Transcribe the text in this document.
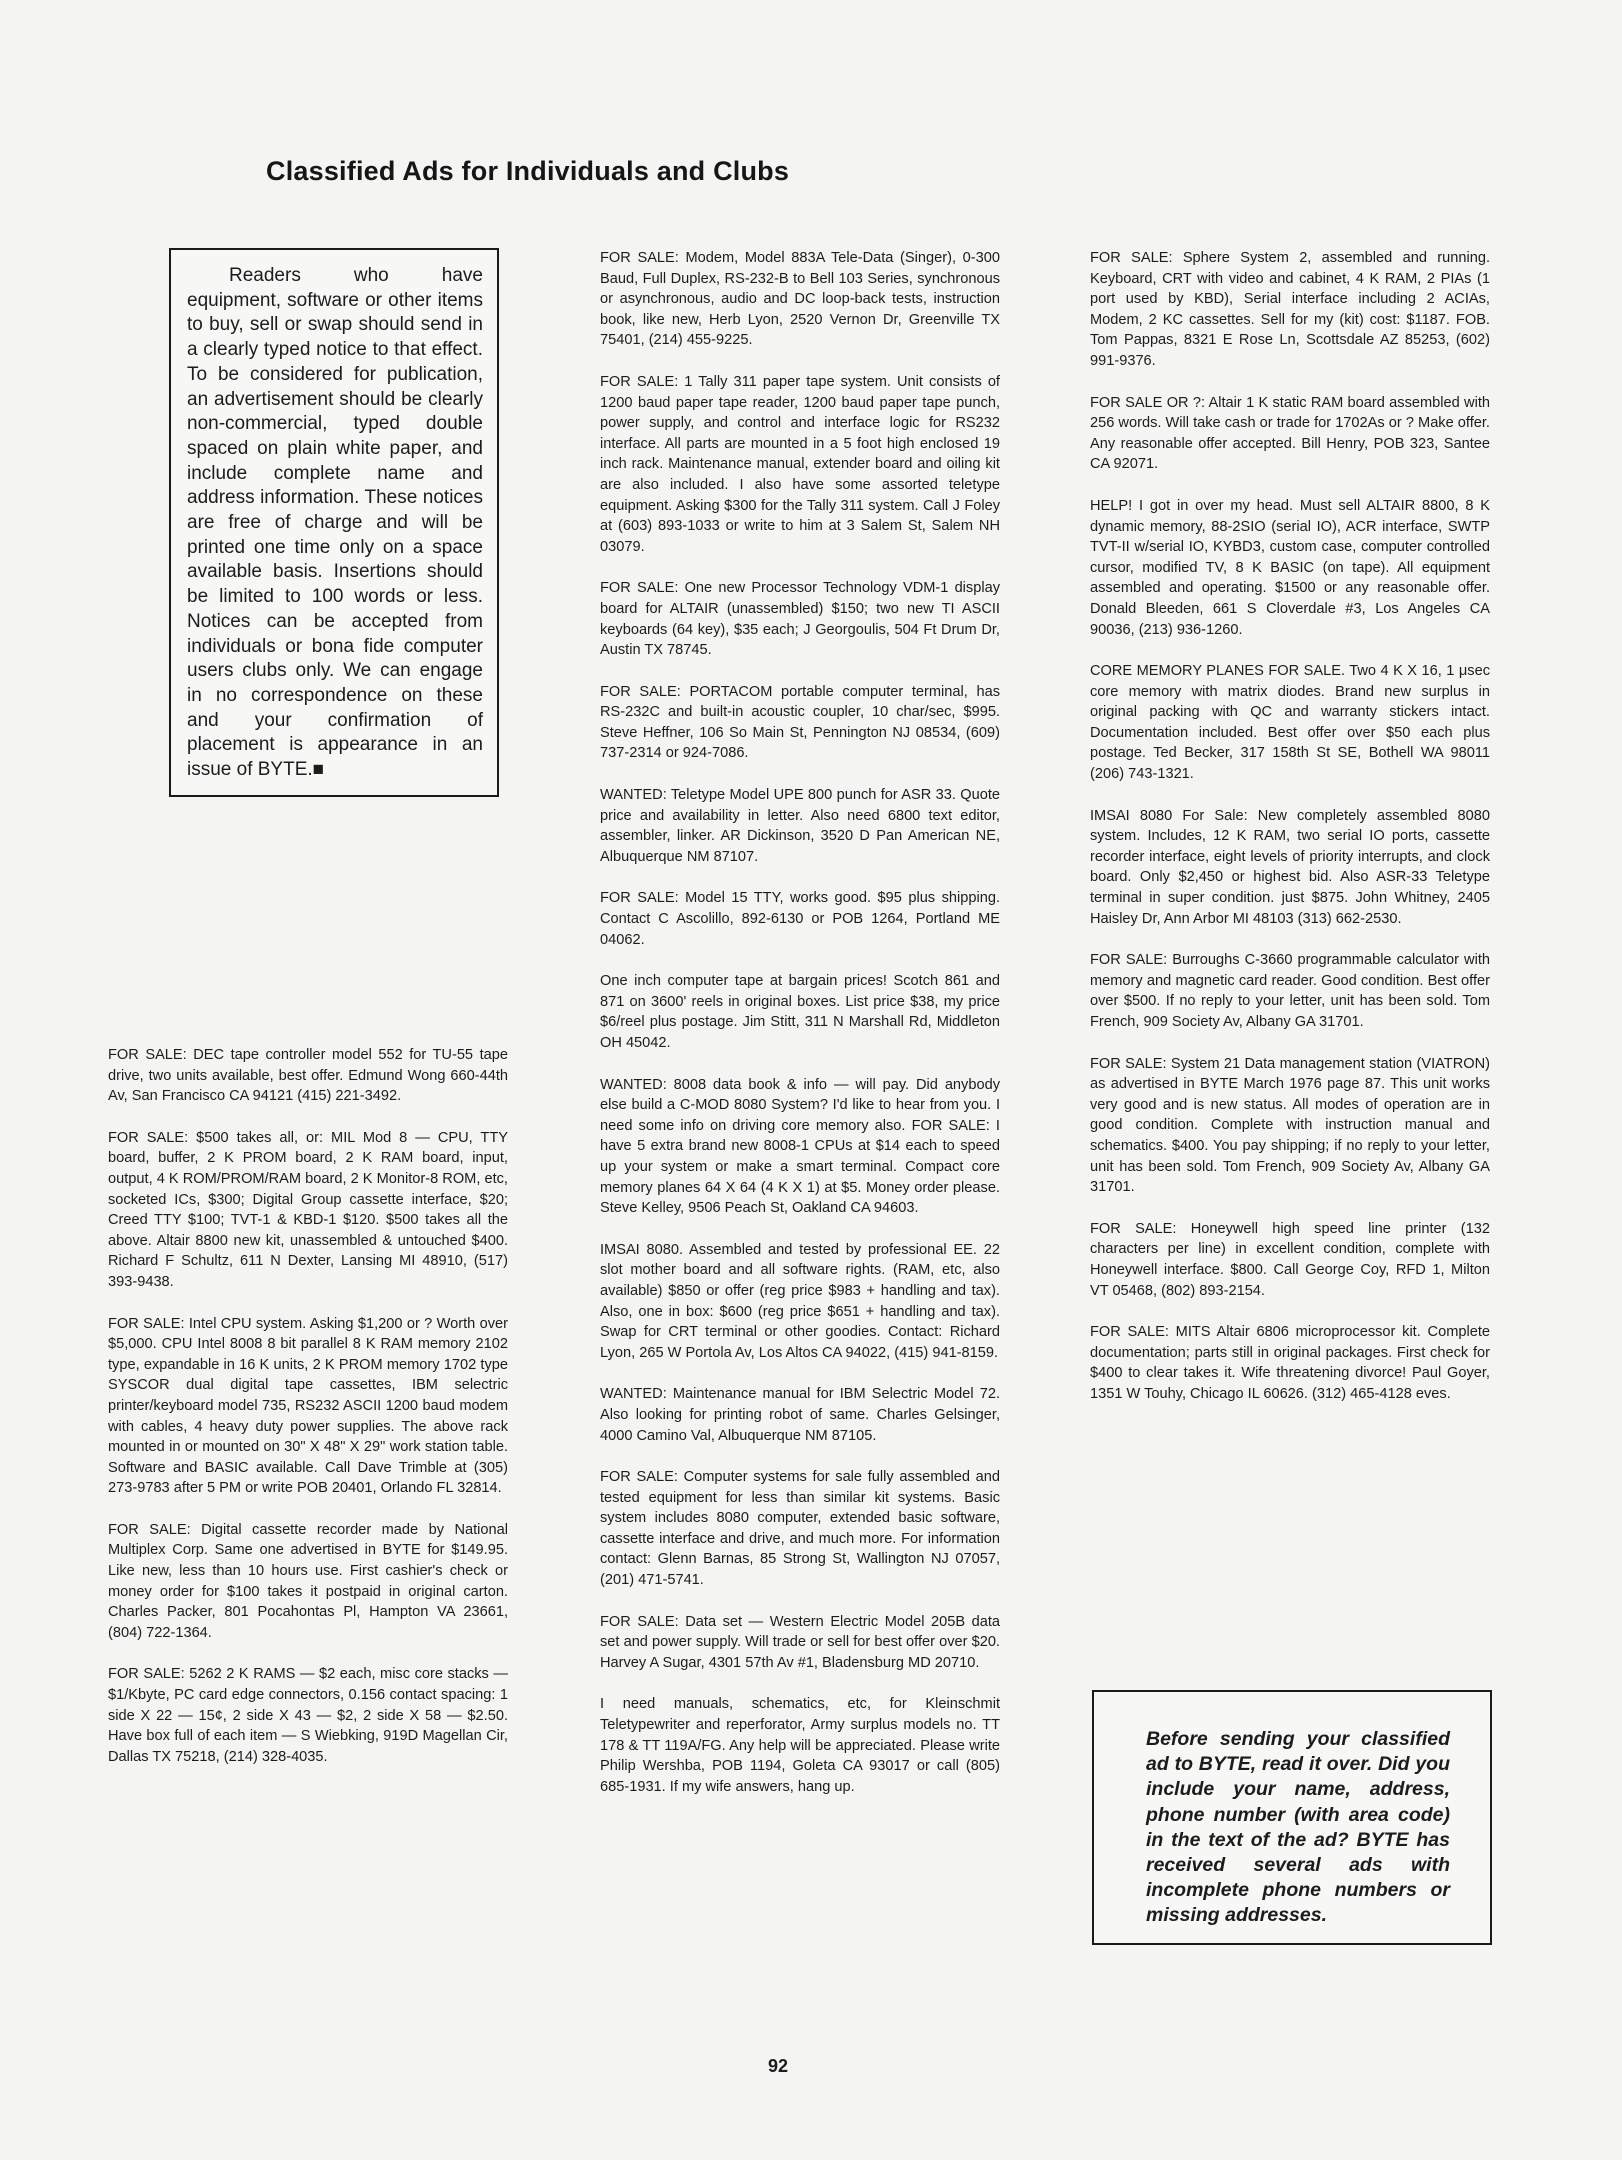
Classified Ads for Individuals and Clubs

Readers who have equipment, software or other items to buy, sell or swap should send in a clearly typed notice to that effect. To be considered for publication, an advertisement should be clearly non-commercial, typed double spaced on plain white paper, and include complete name and address information. These notices are free of charge and will be printed one time only on a space available basis. Insertions should be limited to 100 words or less. Notices can be accepted from individuals or bona fide computer users clubs only. We can engage in no correspondence on these and your confirmation of placement is appearance in an issue of BYTE.■

FOR SALE: DEC tape controller model 552 for TU-55 tape drive, two units available, best offer. Edmund Wong 660-44th Av, San Francisco CA 94121 (415) 221-3492.

FOR SALE: $500 takes all, or: MIL Mod 8 — CPU, TTY board, buffer, 2 K PROM board, 2 K RAM board, input, output, 4 K ROM/PROM/RAM board, 2 K Monitor-8 ROM, etc, socketed ICs, $300; Digital Group cassette interface, $20; Creed TTY $100; TVT-1 & KBD-1 $120. $500 takes all the above. Altair 8800 new kit, unassembled & untouched $400. Richard F Schultz, 611 N Dexter, Lansing MI 48910, (517) 393-9438.

FOR SALE: Intel CPU system. Asking $1,200 or ? Worth over $5,000. CPU Intel 8008 8 bit parallel 8 K RAM memory 2102 type, expandable in 16 K units, 2 K PROM memory 1702 type SYSCOR dual digital tape cassettes, IBM selectric printer/keyboard model 735, RS232 ASCII 1200 baud modem with cables, 4 heavy duty power supplies. The above rack mounted in or mounted on 30" X 48" X 29" work station table. Software and BASIC available. Call Dave Trimble at (305) 273-9783 after 5 PM or write POB 20401, Orlando FL 32814.

FOR SALE: Digital cassette recorder made by National Multiplex Corp. Same one advertised in BYTE for $149.95. Like new, less than 10 hours use. First cashier's check or money order for $100 takes it postpaid in original carton. Charles Packer, 801 Pocahontas Pl, Hampton VA 23661, (804) 722-1364.

FOR SALE: 5262 2 K RAMS — $2 each, misc core stacks — $1/Kbyte, PC card edge connectors, 0.156 contact spacing: 1 side X 22 — 15¢, 2 side X 43 — $2, 2 side X 58 — $2.50. Have box full of each item — S Wiebking, 919D Magellan Cir, Dallas TX 75218, (214) 328-4035.

FOR SALE: Modem, Model 883A Tele-Data (Singer), 0-300 Baud, Full Duplex, RS-232-B to Bell 103 Series, synchronous or asynchronous, audio and DC loop-back tests, instruction book, like new, Herb Lyon, 2520 Vernon Dr, Greenville TX 75401, (214) 455-9225.

FOR SALE: 1 Tally 311 paper tape system. Unit consists of 1200 baud paper tape reader, 1200 baud paper tape punch, power supply, and control and interface logic for RS232 interface. All parts are mounted in a 5 foot high enclosed 19 inch rack. Maintenance manual, extender board and oiling kit are also included. I also have some assorted teletype equipment. Asking $300 for the Tally 311 system. Call J Foley at (603) 893-1033 or write to him at 3 Salem St, Salem NH 03079.

FOR SALE: One new Processor Technology VDM-1 display board for ALTAIR (unassembled) $150; two new TI ASCII keyboards (64 key), $35 each; J Georgoulis, 504 Ft Drum Dr, Austin TX 78745.

FOR SALE: PORTACOM portable computer terminal, has RS-232C and built-in acoustic coupler, 10 char/sec, $995. Steve Heffner, 106 So Main St, Pennington NJ 08534, (609) 737-2314 or 924-7086.

WANTED: Teletype Model UPE 800 punch for ASR 33. Quote price and availability in letter. Also need 6800 text editor, assembler, linker. AR Dickinson, 3520 D Pan American NE, Albuquerque NM 87107.

FOR SALE: Model 15 TTY, works good. $95 plus shipping. Contact C Ascolillo, 892-6130 or POB 1264, Portland ME 04062.

One inch computer tape at bargain prices! Scotch 861 and 871 on 3600' reels in original boxes. List price $38, my price $6/reel plus postage. Jim Stitt, 311 N Marshall Rd, Middleton OH 45042.

WANTED: 8008 data book & info — will pay. Did anybody else build a C-MOD 8080 System? I'd like to hear from you. I need some info on driving core memory also. FOR SALE: I have 5 extra brand new 8008-1 CPUs at $14 each to speed up your system or make a smart terminal. Compact core memory planes 64 X 64 (4 K X 1) at $5. Money order please. Steve Kelley, 9506 Peach St, Oakland CA 94603.

IMSAI 8080. Assembled and tested by professional EE. 22 slot mother board and all software rights. (RAM, etc, also available) $850 or offer (reg price $983 + handling and tax). Also, one in box: $600 (reg price $651 + handling and tax). Swap for CRT terminal or other goodies. Contact: Richard Lyon, 265 W Portola Av, Los Altos CA 94022, (415) 941-8159.

WANTED: Maintenance manual for IBM Selectric Model 72. Also looking for printing robot of same. Charles Gelsinger, 4000 Camino Val, Albuquerque NM 87105.

FOR SALE: Computer systems for sale fully assembled and tested equipment for less than similar kit systems. Basic system includes 8080 computer, extended basic software, cassette interface and drive, and much more. For information contact: Glenn Barnas, 85 Strong St, Wallington NJ 07057, (201) 471-5741.

FOR SALE: Data set — Western Electric Model 205B data set and power supply. Will trade or sell for best offer over $20. Harvey A Sugar, 4301 57th Av #1, Bladensburg MD 20710.

I need manuals, schematics, etc, for Kleinschmit Teletypewriter and reperforator, Army surplus models no. TT 178 & TT 119A/FG. Any help will be appreciated. Please write Philip Wershba, POB 1194, Goleta CA 93017 or call (805) 685-1931. If my wife answers, hang up.

FOR SALE: Sphere System 2, assembled and running. Keyboard, CRT with video and cabinet, 4 K RAM, 2 PIAs (1 port used by KBD), Serial interface including 2 ACIAs, Modem, 2 KC cassettes. Sell for my (kit) cost: $1187. FOB. Tom Pappas, 8321 E Rose Ln, Scottsdale AZ 85253, (602) 991-9376.

FOR SALE OR ?: Altair 1 K static RAM board assembled with 256 words. Will take cash or trade for 1702As or ? Make offer. Any reasonable offer accepted. Bill Henry, POB 323, Santee CA 92071.

HELP! I got in over my head. Must sell ALTAIR 8800, 8 K dynamic memory, 88-2SIO (serial IO), ACR interface, SWTP TVT-II w/serial IO, KYBD3, custom case, computer controlled cursor, modified TV, 8 K BASIC (on tape). All equipment assembled and operating. $1500 or any reasonable offer. Donald Bleeden, 661 S Cloverdale #3, Los Angeles CA 90036, (213) 936-1260.

CORE MEMORY PLANES FOR SALE. Two 4 K X 16, 1 μsec core memory with matrix diodes. Brand new surplus in original packing with QC and warranty stickers intact. Documentation included. Best offer over $50 each plus postage. Ted Becker, 317 158th St SE, Bothell WA 98011 (206) 743-1321.

IMSAI 8080 For Sale: New completely assembled 8080 system. Includes, 12 K RAM, two serial IO ports, cassette recorder interface, eight levels of priority interrupts, and clock board. Only $2,450 or highest bid. Also ASR-33 Teletype terminal in super condition. just $875. John Whitney, 2405 Haisley Dr, Ann Arbor MI 48103 (313) 662-2530.

FOR SALE: Burroughs C-3660 programmable calculator with memory and magnetic card reader. Good condition. Best offer over $500. If no reply to your letter, unit has been sold. Tom French, 909 Society Av, Albany GA 31701.

FOR SALE: System 21 Data management station (VIATRON) as advertised in BYTE March 1976 page 87. This unit works very good and is new status. All modes of operation are in good condition. Complete with instruction manual and schematics. $400. You pay shipping; if no reply to your letter, unit has been sold. Tom French, 909 Society Av, Albany GA 31701.

FOR SALE: Honeywell high speed line printer (132 characters per line) in excellent condition, complete with Honeywell interface. $800. Call George Coy, RFD 1, Milton VT 05468, (802) 893-2154.

FOR SALE: MITS Altair 6806 microprocessor kit. Complete documentation; parts still in original packages. First check for $400 to clear takes it. Wife threatening divorce! Paul Goyer, 1351 W Touhy, Chicago IL 60626. (312) 465-4128 eves.

Before sending your classified ad to BYTE, read it over. Did you include your name, address, phone number (with area code) in the text of the ad? BYTE has received several ads with incomplete phone numbers or missing addresses.
92
